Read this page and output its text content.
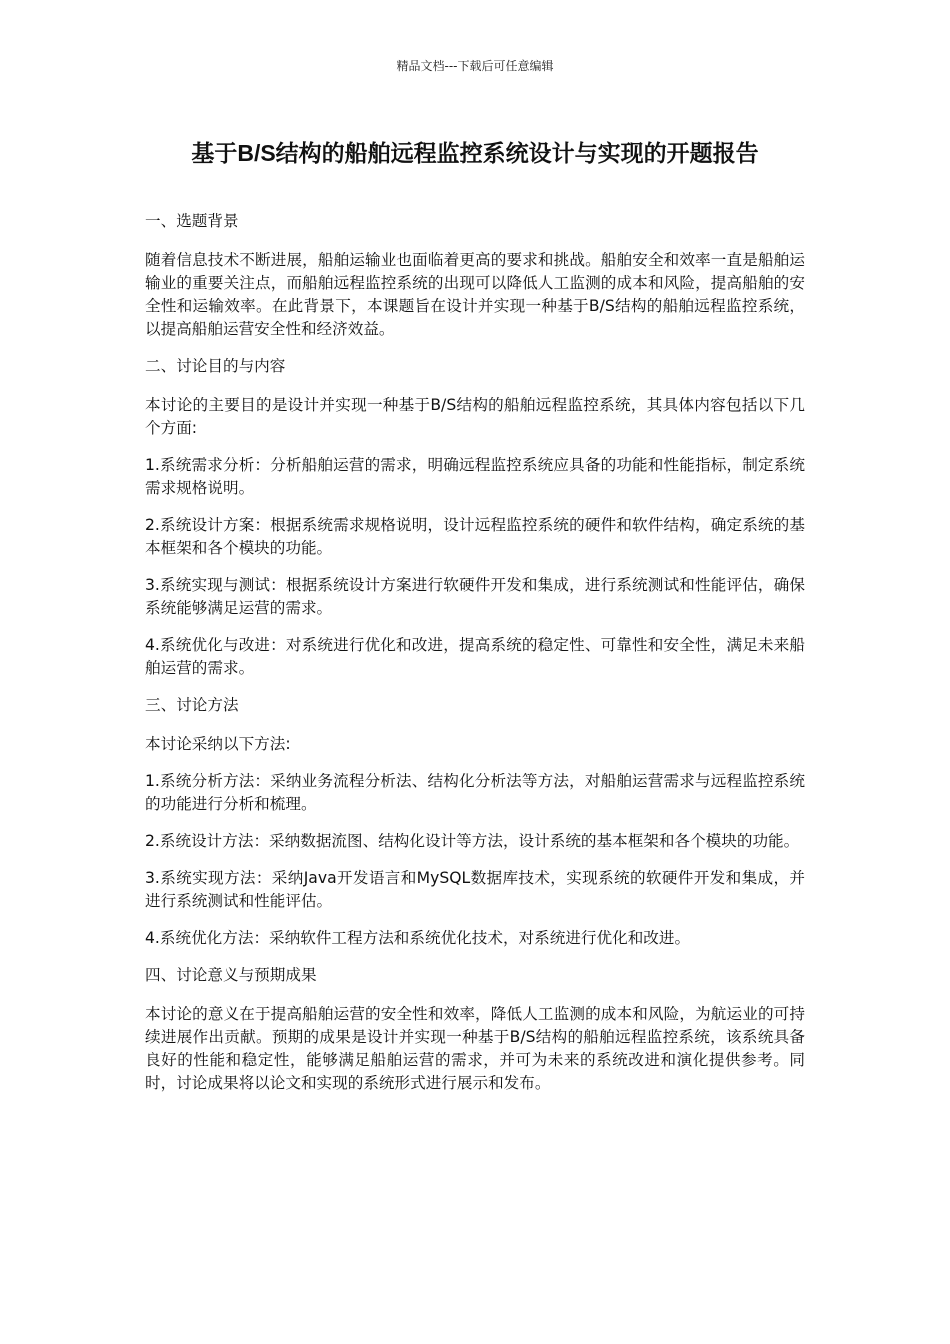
精品文档---下载后可任意编辑
基于B/S结构的船舶远程监控系统设计与实现的开题报告

一、选题背景

随着信息技术不断进展，船舶运输业也面临着更高的要求和挑战。船舶安全和效率一直是船舶运输业的重要关注点，而船舶远程监控系统的出现可以降低人工监测的成本和风险，提高船舶的安全性和运输效率。在此背景下，本课题旨在设计并实现一种基于B/S结构的船舶远程监控系统，以提高船舶运营安全性和经济效益。

二、讨论目的与内容

本讨论的主要目的是设计并实现一种基于B/S结构的船舶远程监控系统，其具体内容包括以下几个方面:

1.系统需求分析：分析船舶运营的需求，明确远程监控系统应具备的功能和性能指标，制定系统需求规格说明。

2.系统设计方案：根据系统需求规格说明，设计远程监控系统的硬件和软件结构，确定系统的基本框架和各个模块的功能。

3.系统实现与测试：根据系统设计方案进行软硬件开发和集成，进行系统测试和性能评估，确保系统能够满足运营的需求。

4.系统优化与改进：对系统进行优化和改进，提高系统的稳定性、可靠性和安全性，满足未来船舶运营的需求。

三、讨论方法

本讨论采纳以下方法:

1.系统分析方法：采纳业务流程分析法、结构化分析法等方法，对船舶运营需求与远程监控系统的功能进行分析和梳理。

2.系统设计方法：采纳数据流图、结构化设计等方法，设计系统的基本框架和各个模块的功能。

3.系统实现方法：采纳Java开发语言和MySQL数据库技术，实现系统的软硬件开发和集成，并进行系统测试和性能评估。

4.系统优化方法：采纳软件工程方法和系统优化技术，对系统进行优化和改进。

四、讨论意义与预期成果

本讨论的意义在于提高船舶运营的安全性和效率，降低人工监测的成本和风险，为航运业的可持续进展作出贡献。预期的成果是设计并实现一种基于B/S结构的船舶远程监控系统，该系统具备良好的性能和稳定性，能够满足船舶运营的需求，并可为未来的系统改进和演化提供参考。同时，讨论成果将以论文和实现的系统形式进行展示和发布。
